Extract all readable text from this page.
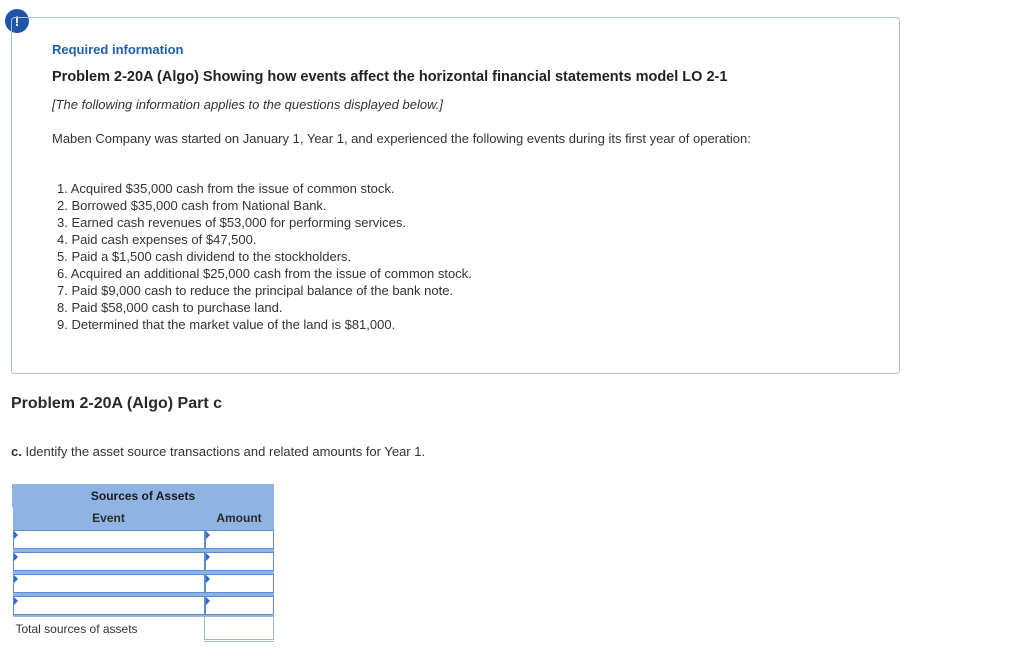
!
Required information
Problem 2-20A (Algo) Showing how events affect the horizontal financial statements model LO 2-1
[The following information applies to the questions displayed below.]
Maben Company was started on January 1, Year 1, and experienced the following events during its first year of operation:
1. Acquired $35,000 cash from the issue of common stock.
2. Borrowed $35,000 cash from National Bank.
3. Earned cash revenues of $53,000 for performing services.
4. Paid cash expenses of $47,500.
5. Paid a $1,500 cash dividend to the stockholders.
6. Acquired an additional $25,000 cash from the issue of common stock.
7. Paid $9,000 cash to reduce the principal balance of the bank note.
8. Paid $58,000 cash to purchase land.
9. Determined that the market value of the land is $81,000.
Problem 2-20A (Algo) Part c
c. Identify the asset source transactions and related amounts for Year 1.
Sources of Assets	
Event	Amount

Total sources of assets	
